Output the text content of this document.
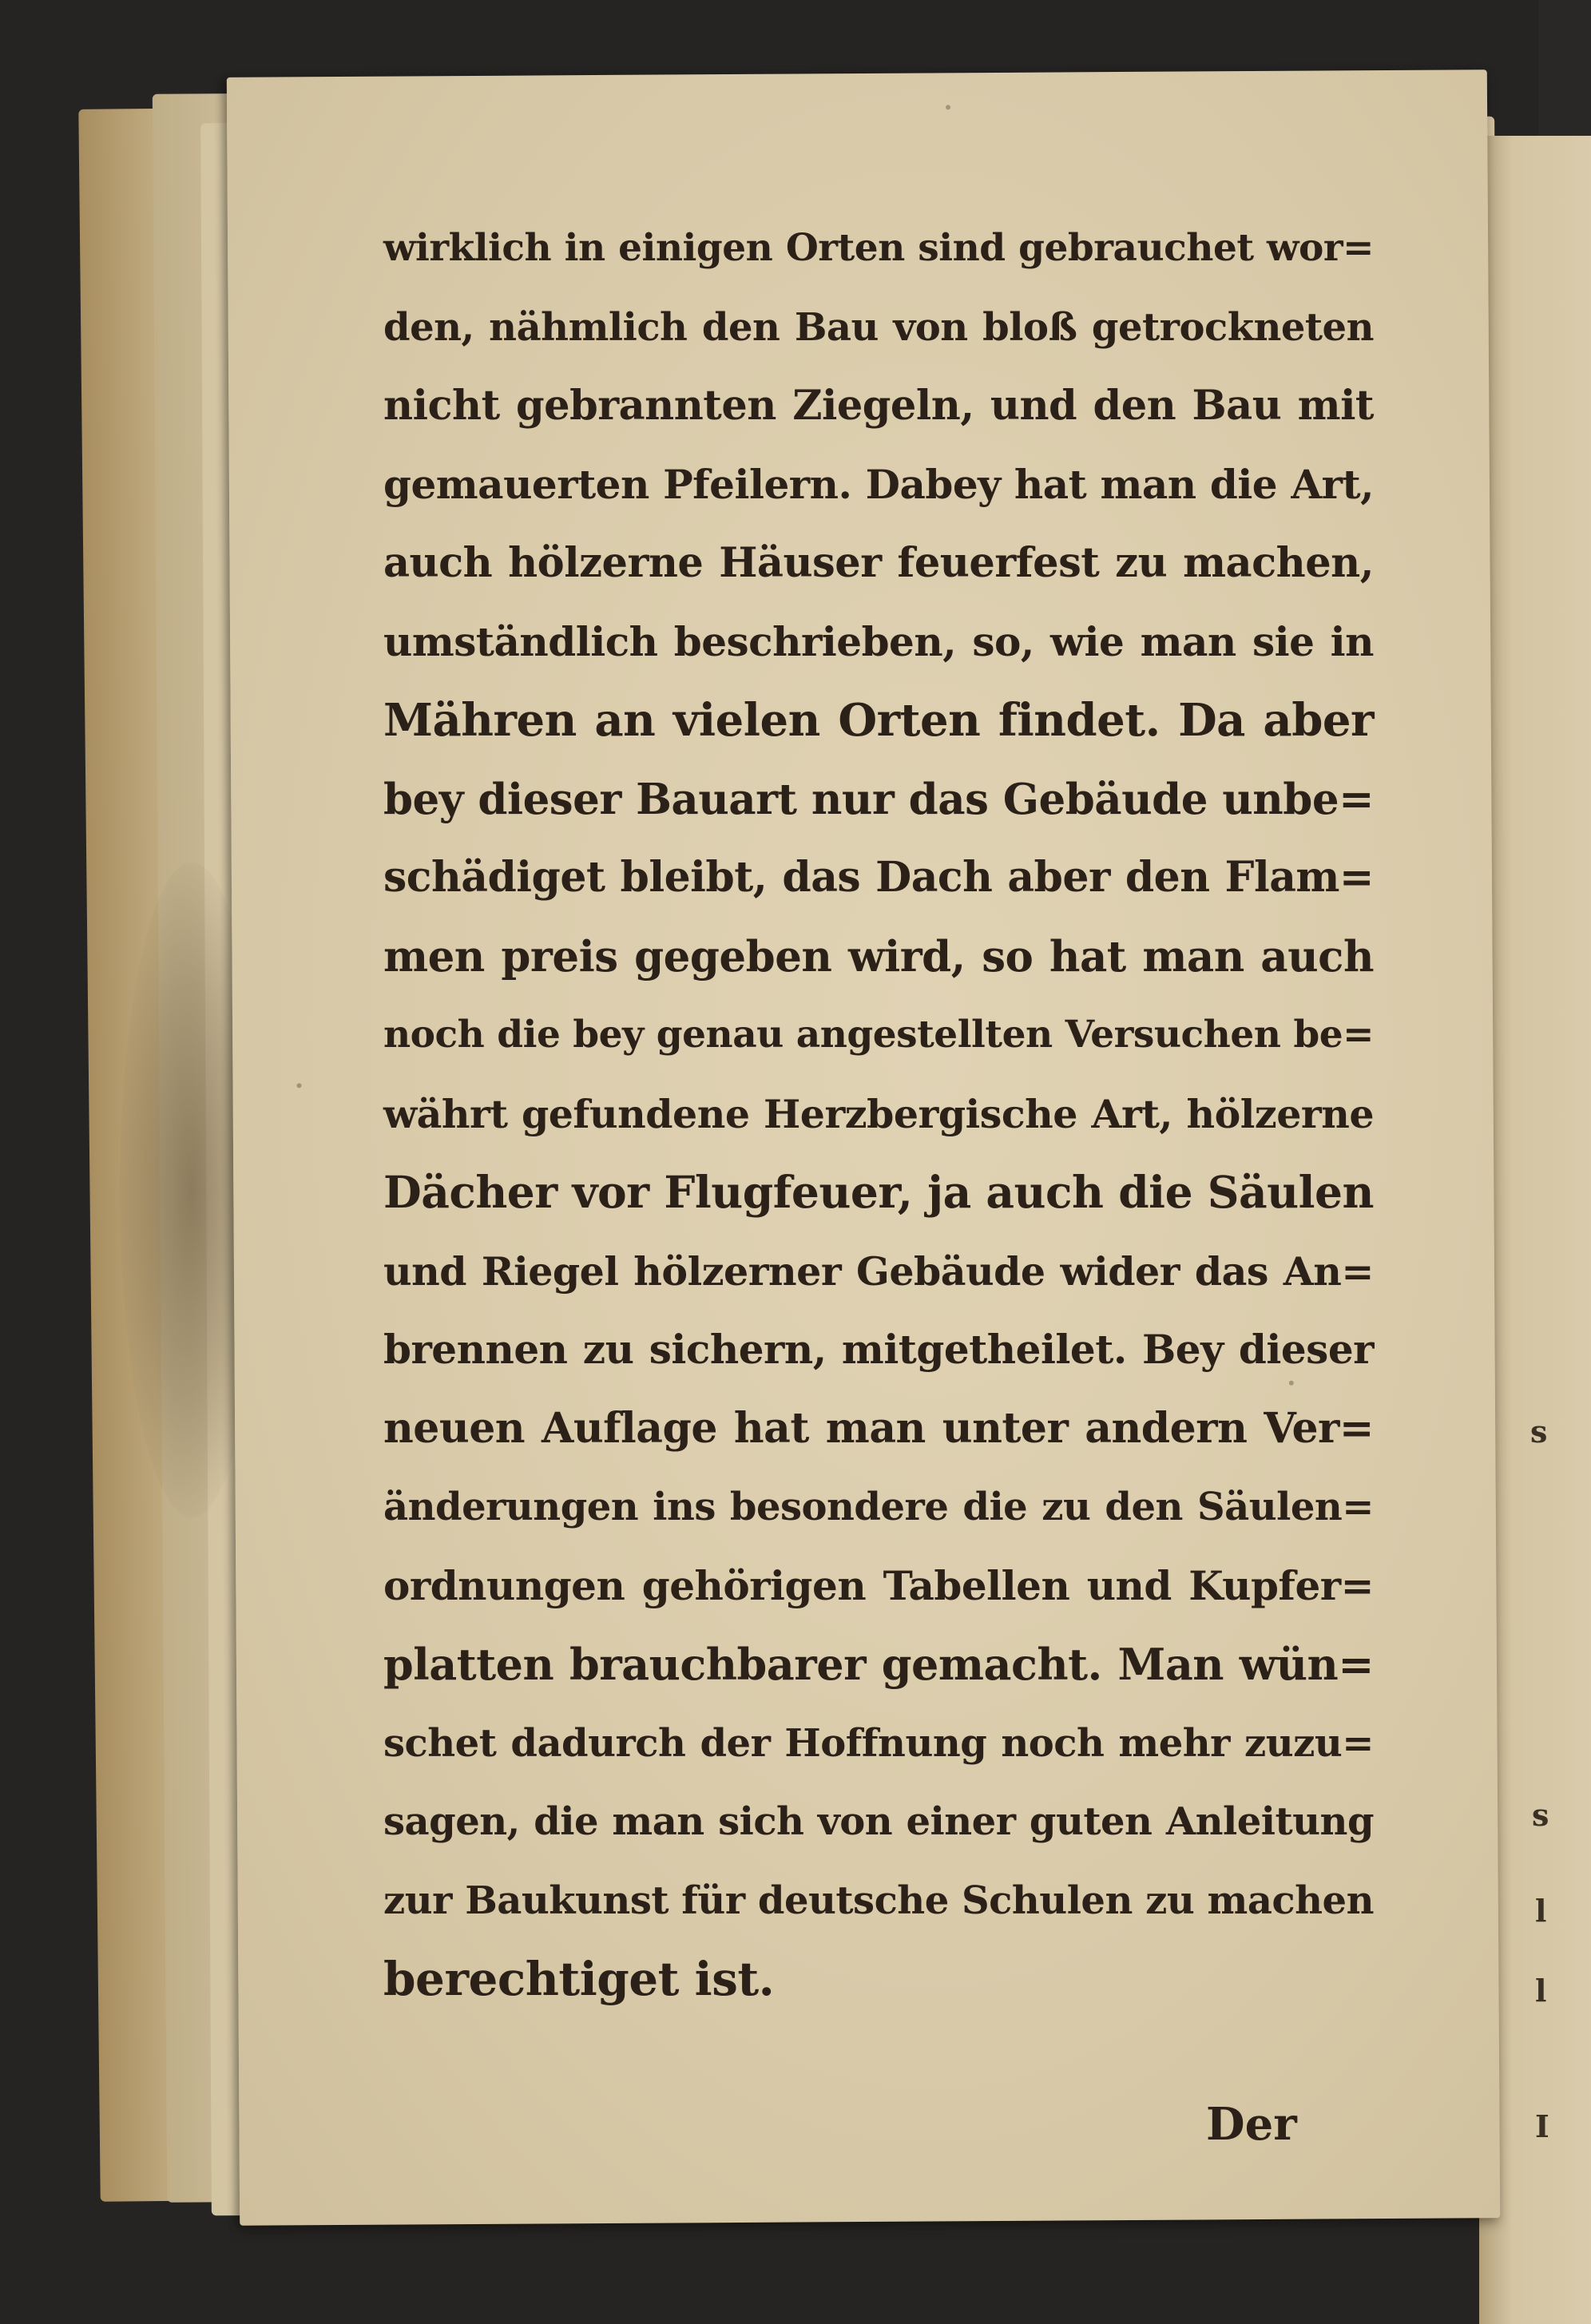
s
s
l
l
I
wirklich in einigen Orten sind gebrauchet wor=
den, nähmlich den Bau von bloß getrockneten
nicht gebrannten Ziegeln, und den Bau mit
gemauerten Pfeilern. Dabey hat man die Art,
auch hölzerne Häuser feuerfest zu machen,
umständlich beschrieben, so, wie man sie in
Mähren an vielen Orten findet. Da aber
bey dieser Bauart nur das Gebäude unbe=
schädiget bleibt, das Dach aber den Flam=
men preis gegeben wird, so hat man auch
noch die bey genau angestellten Versuchen be=
währt gefundene Herzbergische Art, hölzerne
Dächer vor Flugfeuer, ja auch die Säulen
und Riegel hölzerner Gebäude wider das An=
brennen zu sichern, mitgetheilet. Bey dieser
neuen Auflage hat man unter andern Ver=
änderungen ins besondere die zu den Säulen=
ordnungen gehörigen Tabellen und Kupfer=
platten brauchbarer gemacht. Man wün=
schet dadurch der Hoffnung noch mehr zuzu=
sagen, die man sich von einer guten Anleitung
zur Baukunst für deutsche Schulen zu machen
berechtiget ist.
Der
